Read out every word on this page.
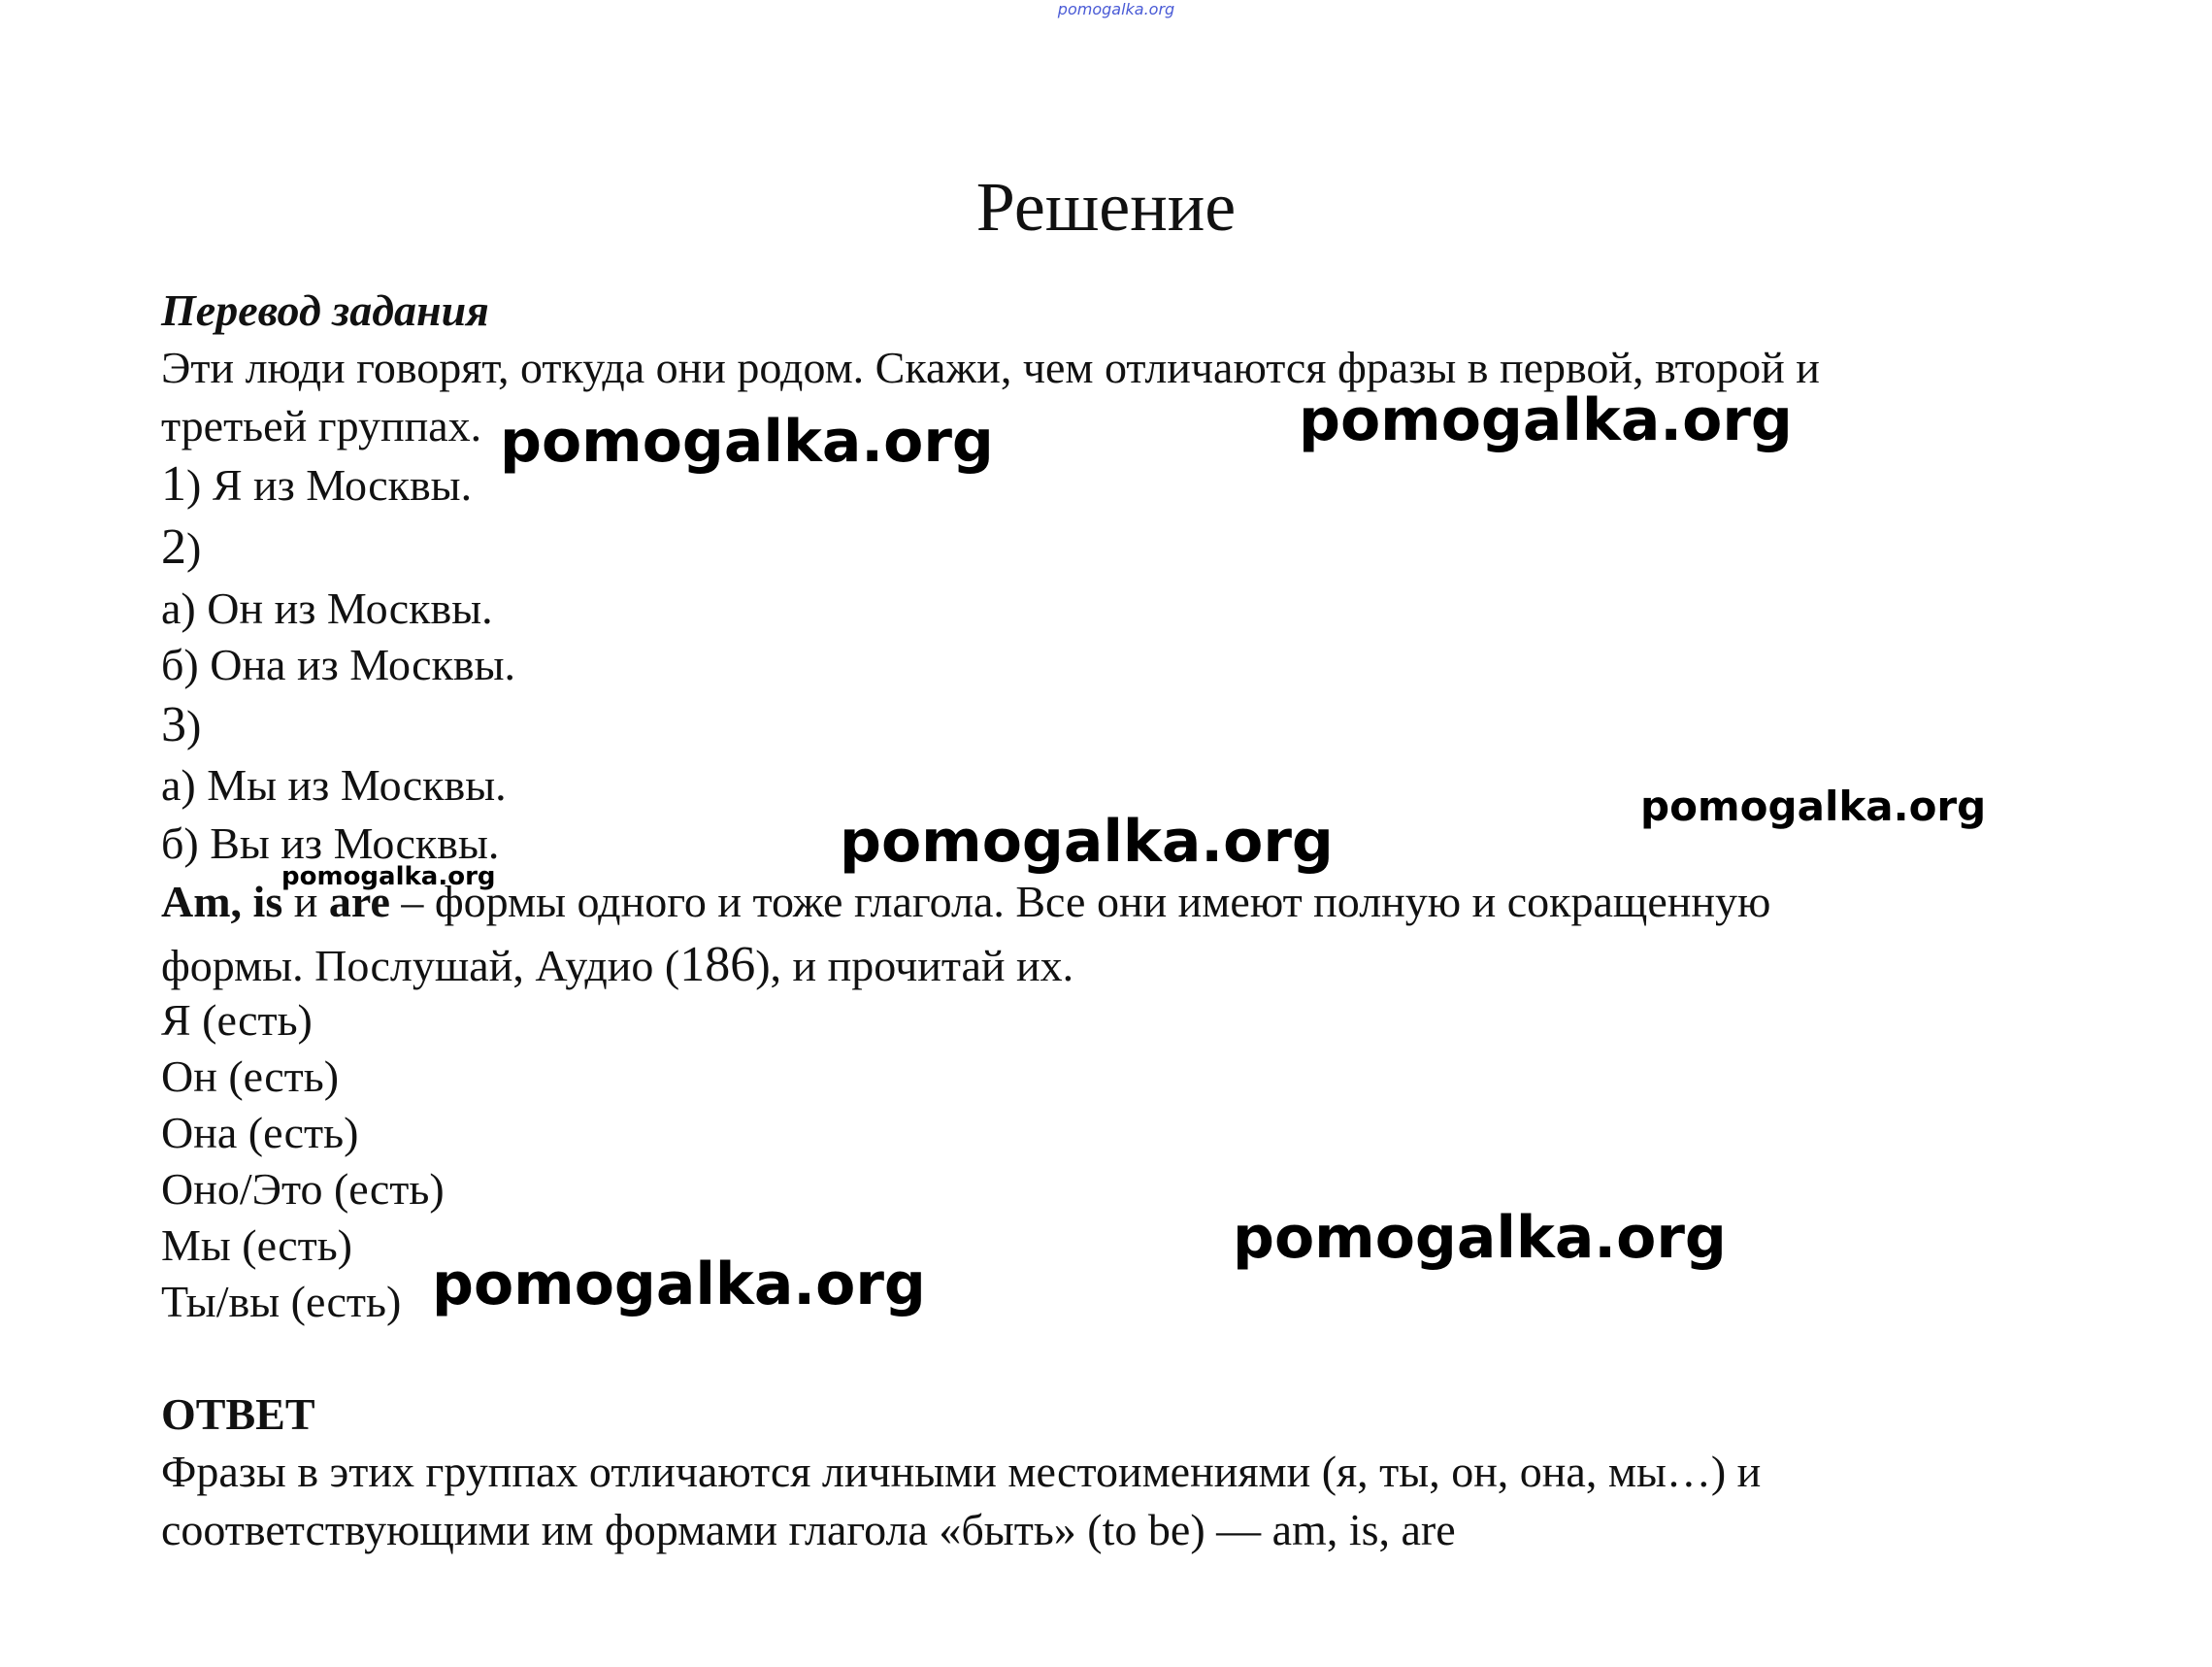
pomogalka.org
Решение
Перевод задания
Эти люди говорят, откуда они родом. Скажи, чем отличаются фразы в первой, второй и
третьей группах.
1) Я из Москвы.
2)
а) Он из Москвы.
б) Она из Москвы.
3)
а) Мы из Москвы.
б) Вы из Москвы.
Am, is и are – формы одного и тоже глагола. Все они имеют полную и сокращенную
формы. Послушай, Аудио (186), и прочитай их.
Я (есть)
Он (есть)
Она (есть)
Оно/Это (есть)
Мы (есть)
Ты/вы (есть)
ОТВЕТ
Фразы в этих группах отличаются личными местоимениями (я, ты, он, она, мы…) и
соответствующими им формами глагола «быть» (to be) — am, is, are
pomogalka.org	pomogalka.org
pomogalka.org
pomogalka.org
pomogalka.org
pomogalka.org
pomogalka.org
